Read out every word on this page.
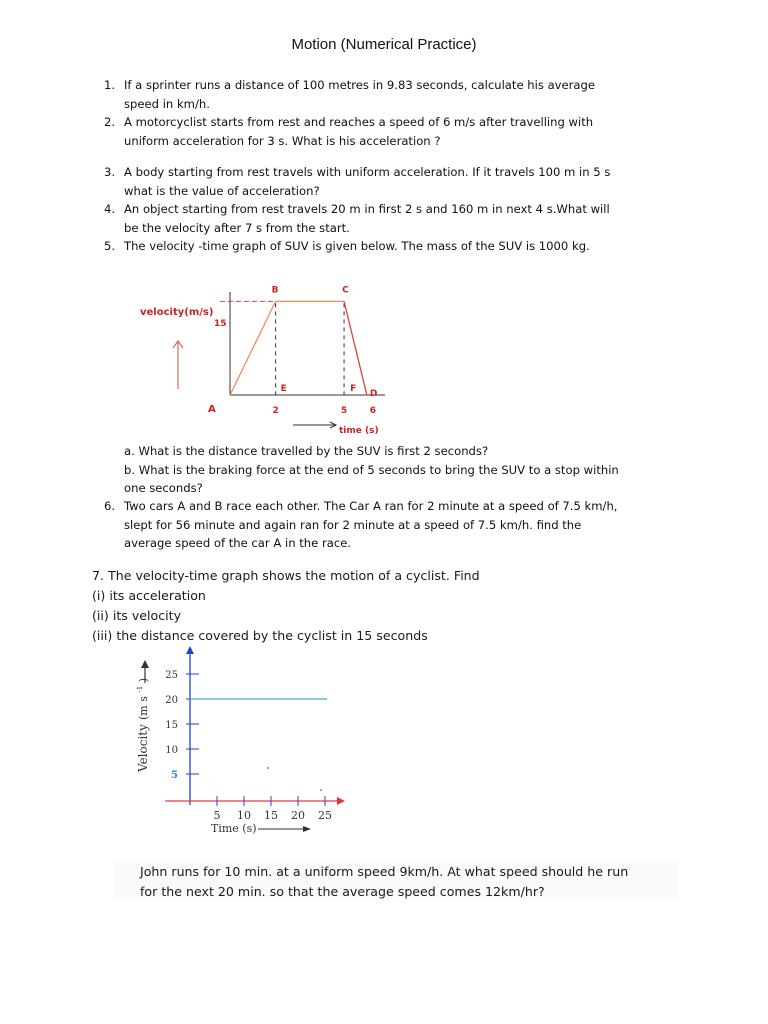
Motion (Numerical Practice)
1. If a sprinter runs a distance of 100 metres in 9.83 seconds, calculate his average
speed in km/h.
2. A motorcyclist starts from rest and reaches a speed of 6 m/s after travelling with
uniform acceleration for 3 s. What is his acceleration ?
3. A body starting from rest travels with uniform acceleration. If it travels 100 m in 5 s
what is the value of acceleration?
4. An object starting from rest travels 20 m in first 2 s and 160 m in next 4 s.What will
be the velocity after 7 s from the start.
5. The velocity -time graph of SUV is given below. The mass of the SUV is 1000 kg.
velocity(m/s)
15
A
B	C
D
E	F
2	5	6
time (s)
a. What is the distance travelled by the SUV is first 2 seconds?
b. What is the braking force at the end of 5 seconds to bring the SUV to a stop within
one seconds?
6. Two cars A and B race each other. The Car A ran for 2 minute at a speed of 7.5 km/h,
slept for 56 minute and again ran for 2 minute at a speed of 7.5 km/h. find the
average speed of the car A in the race.
7. The velocity-time graph shows the motion of a cyclist. Find
(i) its acceleration
(ii) its velocity
(iii) the distance covered by the cyclist in 15 seconds
25
20
15
10
5
5 10 15 20 25
Time (s)
Velocity
(m s $^{-1}$ )
John runs for 10 min. at a uniform speed 9km/h. At what speed should he run
for the next 20 min. so that the average speed comes 12km/hr?
